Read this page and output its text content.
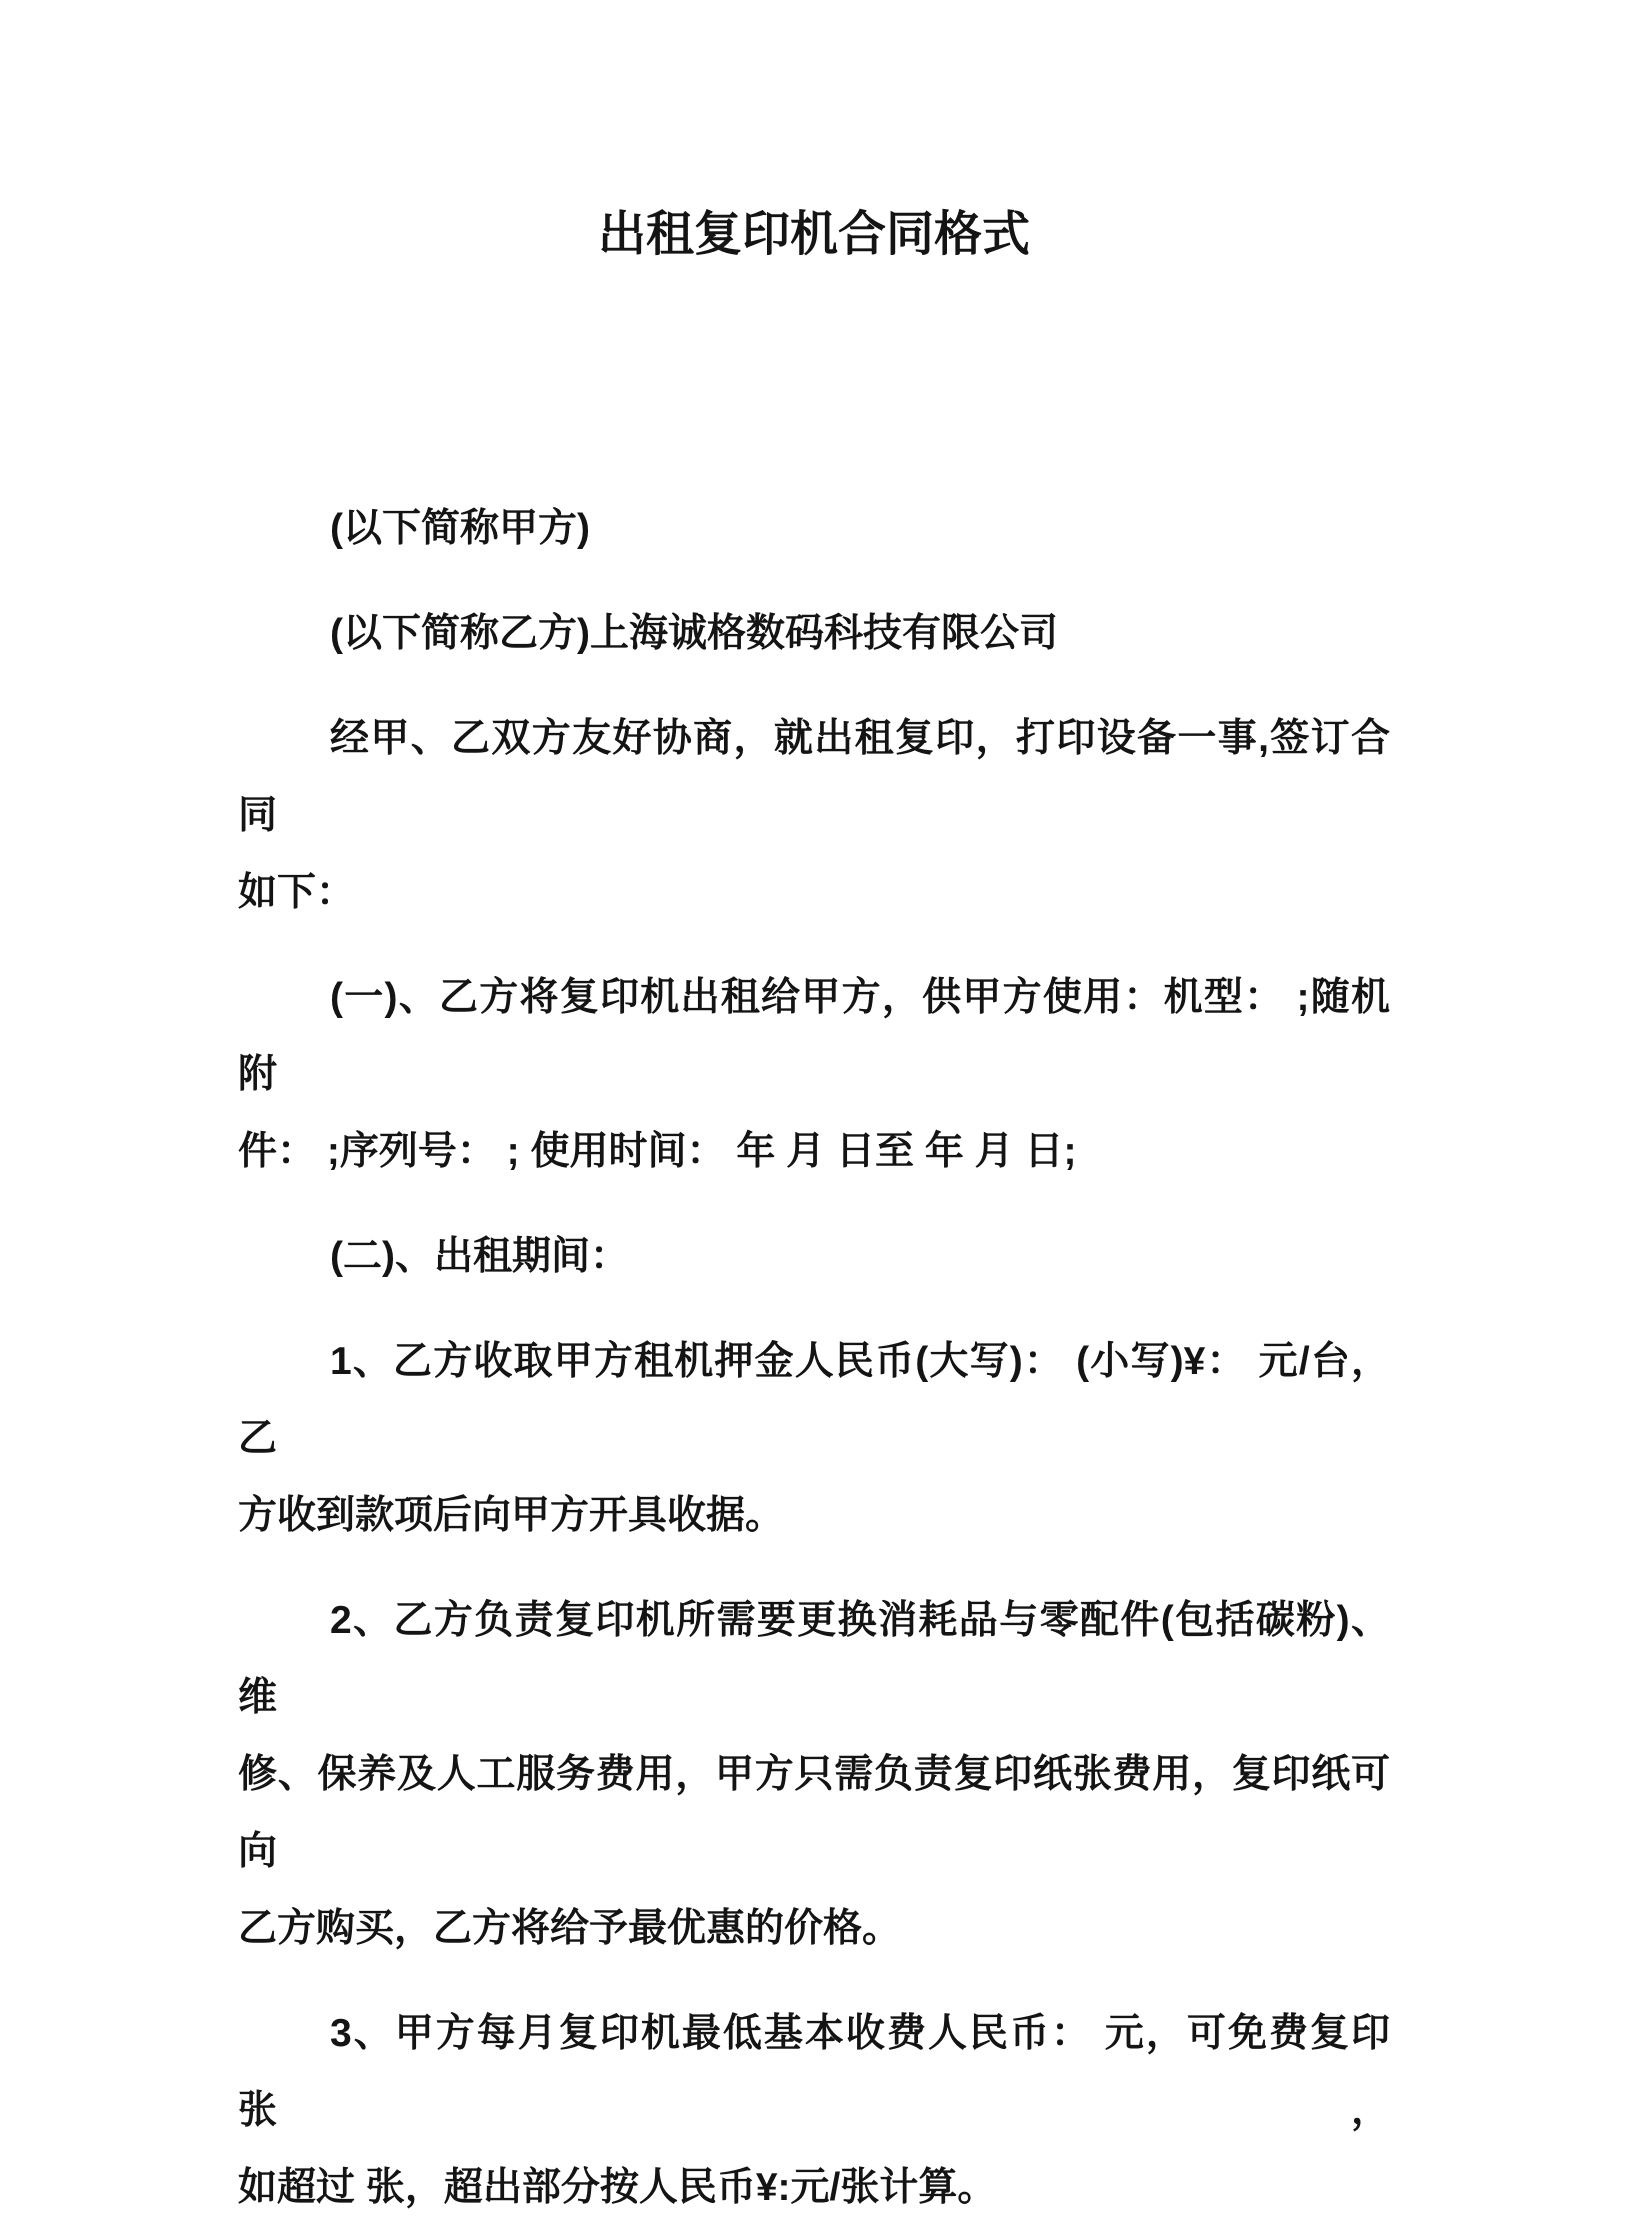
出租复印机合同格式
(以下简称甲方)
(以下简称乙方)上海诚格数码科技有限公司
经甲、乙双方友好协商，就出租复印，打印设备一事,签订合同
如下：
(一)、乙方将复印机出租给甲方，供甲方使用：机型： ;随机附
件： ;序列号： ; 使用时间： 年 月 日至 年 月 日;
(二)、出租期间：
1、乙方收取甲方租机押金人民币(大写)： (小写)¥： 元/台，乙
方收到款项后向甲方开具收据。
2、乙方负责复印机所需要更换消耗品与零配件(包括碳粉)、维
修、保养及人工服务费用，甲方只需负责复印纸张费用，复印纸可向
乙方购买，乙方将给予最优惠的价格。
3、甲方每月复印机最低基本收费人民币： 元，可免费复印 张，
如超过 张，超出部分按人民币¥:元/张计算。
